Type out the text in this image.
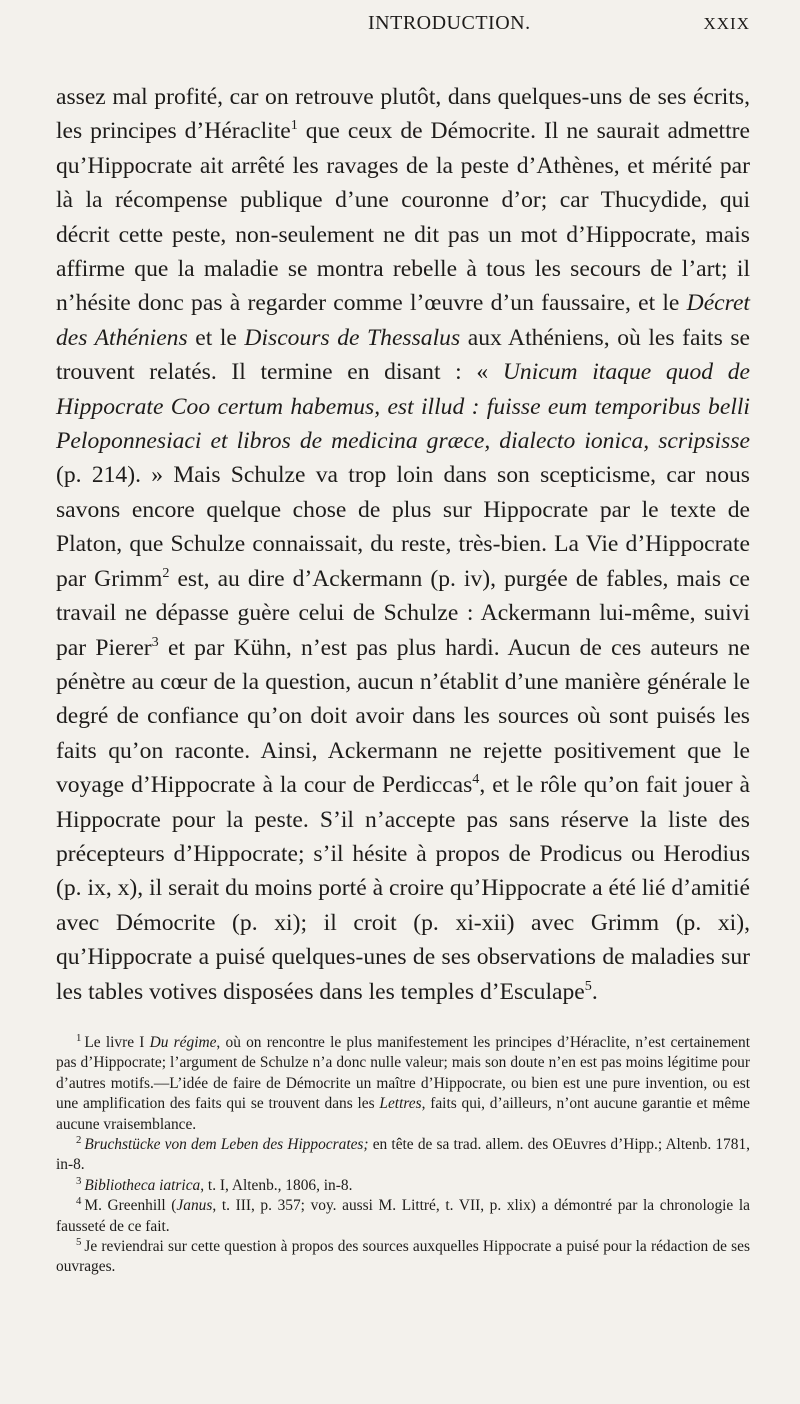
INTRODUCTION.	XXIX

assez mal profité, car on retrouve plutôt, dans quelques-uns de ses écrits, les principes d’Héraclite$^1$ que ceux de Démocrite. Il ne saurait admettre qu’Hippocrate ait arrêté les ravages de la peste d’Athènes, et mérité par là la récompense publique d’une couronne d’or; car Thucydide, qui décrit cette peste, non-seulement ne dit pas un mot d’Hippocrate, mais affirme que la maladie se montra rebelle à tous les secours de l’art; il n’hésite donc pas à regarder comme l’œuvre d’un faussaire, et le Décret des Athéniens et le Discours de Thessalus aux Athéniens, où les faits se trouvent relatés. Il termine en disant : « Unicum itaque quod de Hippocrate Coo certum habemus, est illud : fuisse eum temporibus belli Peloponnesiaci et libros de medicina græce, dialecto ionica, scripsisse (p. 214). » Mais Schulze va trop loin dans son scepticisme, car nous savons encore quelque chose de plus sur Hippocrate par le texte de Platon, que Schulze connaissait, du reste, très-bien. La Vie d’Hippocrate par Grimm$^2$ est, au dire d’Ackermann (p. iv), purgée de fables, mais ce travail ne dépasse guère celui de Schulze : Ackermann lui-même, suivi par Pierer$^3$ et par Kühn, n’est pas plus hardi. Aucun de ces auteurs ne pénètre au cœur de la question, aucun n’établit d’une manière générale le degré de confiance qu’on doit avoir dans les sources où sont puisés les faits qu’on raconte. Ainsi, Ackermann ne rejette positivement que le voyage d’Hippocrate à la cour de Perdiccas$^4$, et le rôle qu’on fait jouer à Hippocrate pour la peste. S’il n’accepte pas sans réserve la liste des précepteurs d’Hippocrate; s’il hésite à propos de Prodicus ou Herodius (p. ix, x), il serait du moins porté à croire qu’Hippocrate a été lié d’amitié avec Démocrite (p. xi); il croit (p. xi-xii) avec Grimm (p. xi), qu’Hippocrate a puisé quelques-unes de ses observations de maladies sur les tables votives disposées dans les temples d’Esculape$^5$.

$^1$ Le livre I Du régime, où on rencontre le plus manifestement les principes d’Héraclite, n’est certainement pas d’Hippocrate; l’argument de Schulze n’a donc nulle valeur; mais son doute n’en est pas moins légitime pour d’autres motifs.—L’idée de faire de Démocrite un maître d’Hippocrate, ou bien est une pure invention, ou est une amplification des faits qui se trouvent dans les Lettres, faits qui, d’ailleurs, n’ont aucune garantie et même aucune vraisemblance.

$^2$ Bruchstücke von dem Leben des Hippocrates; en tête de sa trad. allem. des OEuvres d’Hipp.; Altenb. 1781, in-8.

$^3$ Bibliotheca iatrica, t. I, Altenb., 1806, in-8.

$^4$ M. Greenhill (Janus, t. III, p. 357; voy. aussi M. Littré, t. VII, p. xlix) a démontré par la chronologie la fausseté de ce fait.

$^5$ Je reviendrai sur cette question à propos des sources auxquelles Hippocrate a puisé pour la rédaction de ses ouvrages.
